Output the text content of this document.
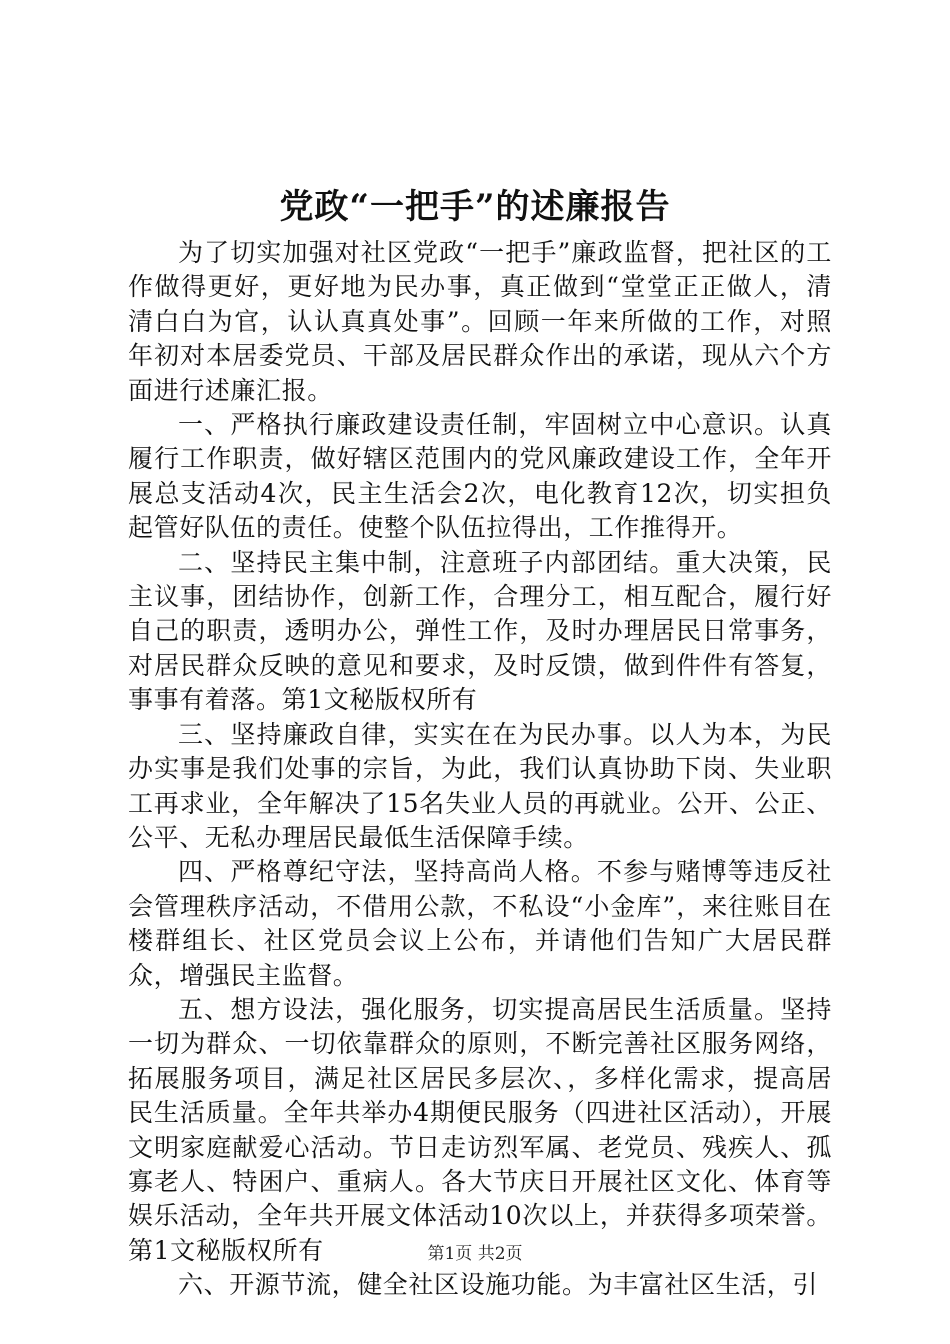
党政“一把手”的述廉报告

为了切实加强对社区党政“一把手”廉政监督，把社区的工作做得更好，更好地为民办事，真正做到“堂堂正正做人，清清白白为官，认认真真处事”。回顾一年来所做的工作，对照年初对本居委党员、干部及居民群众作出的承诺，现从六个方面进行述廉汇报。

一、严格执行廉政建设责任制，牢固树立中心意识。认真履行工作职责，做好辖区范围内的党风廉政建设工作，全年开展总支活动4次，民主生活会2次，电化教育12次，切实担负起管好队伍的责任。使整个队伍拉得出，工作推得开。

二、坚持民主集中制，注意班子内部团结。重大决策，民主议事，团结协作，创新工作，合理分工，相互配合，履行好自己的职责，透明办公，弹性工作，及时办理居民日常事务，对居民群众反映的意见和要求，及时反馈，做到件件有答复，事事有着落。第1文秘版权所有

三、坚持廉政自律，实实在在为民办事。以人为本，为民办实事是我们处事的宗旨，为此，我们认真协助下岗、失业职工再求业，全年解决了15名失业人员的再就业。公开、公正、公平、无私办理居民最低生活保障手续。

四、严格尊纪守法，坚持高尚人格。不参与赌博等违反社会管理秩序活动，不借用公款，不私设“小金库”，来往账目在楼群组长、社区党员会议上公布，并请他们告知广大居民群众，增强民主监督。

五、想方设法，强化服务，切实提高居民生活质量。坚持一切为群众、一切依靠群众的原则，不断完善社区服务网络，拓展服务项目，满足社区居民多层次、，多样化需求，提高居民生活质量。全年共举办4期便民服务（四进社区活动），开展文明家庭献爱心活动。节日走访烈军属、老党员、残疾人、孤寡老人、特困户、重病人。各大节庆日开展社区文化、体育等娱乐活动，全年共开展文体活动10次以上，并获得多项荣誉。第1文秘版权所有

六、开源节流，健全社区设施功能。为丰富社区生活，引

第1页 共2页
